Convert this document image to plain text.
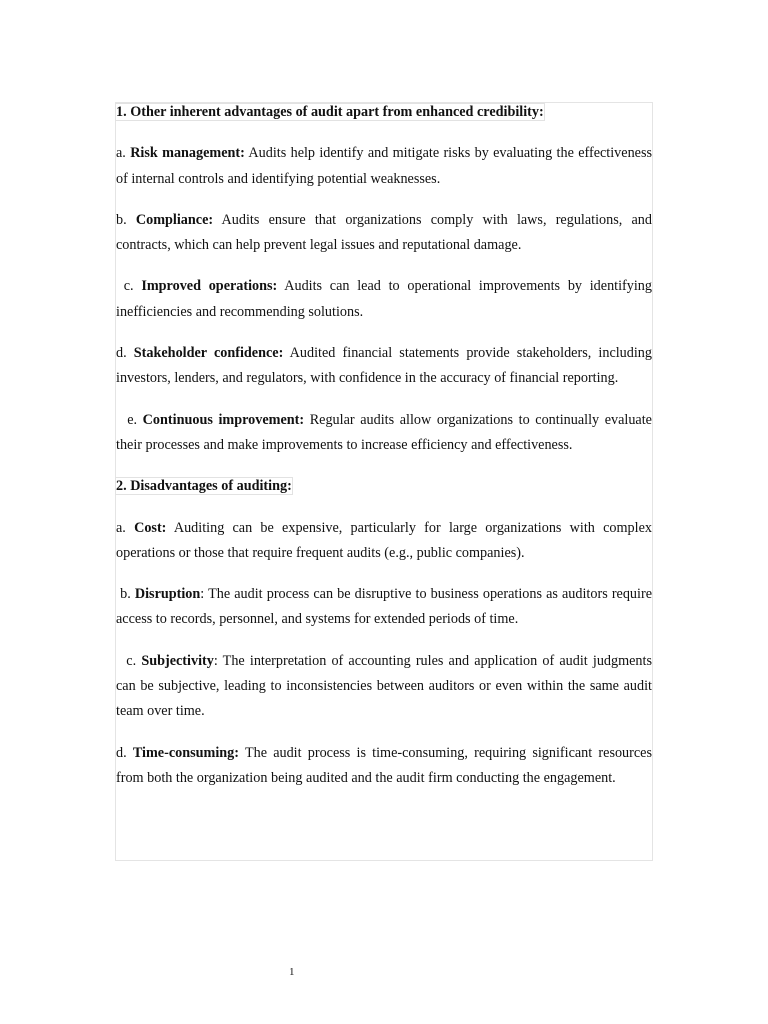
1. Other inherent advantages of audit apart from enhanced credibility:

a. Risk management: Audits help identify and mitigate risks by evaluating the effectiveness of internal controls and identifying potential weaknesses.

b. Compliance: Audits ensure that organizations comply with laws, regulations, and contracts, which can help prevent legal issues and reputational damage.

c. Improved operations: Audits can lead to operational improvements by identifying inefficiencies and recommending solutions.

d. Stakeholder confidence: Audited financial statements provide stakeholders, including investors, lenders, and regulators, with confidence in the accuracy of financial reporting.

e. Continuous improvement: Regular audits allow organizations to continually evaluate their processes and make improvements to increase efficiency and effectiveness.

2. Disadvantages of auditing:

a. Cost: Auditing can be expensive, particularly for large organizations with complex operations or those that require frequent audits (e.g., public companies).

b. Disruption: The audit process can be disruptive to business operations as auditors require access to records, personnel, and systems for extended periods of time.

c. Subjectivity: The interpretation of accounting rules and application of audit judgments can be subjective, leading to inconsistencies between auditors or even within the same audit team over time.

d. Time-consuming: The audit process is time-consuming, requiring significant resources from both the organization being audited and the audit firm conducting the engagement.

1
